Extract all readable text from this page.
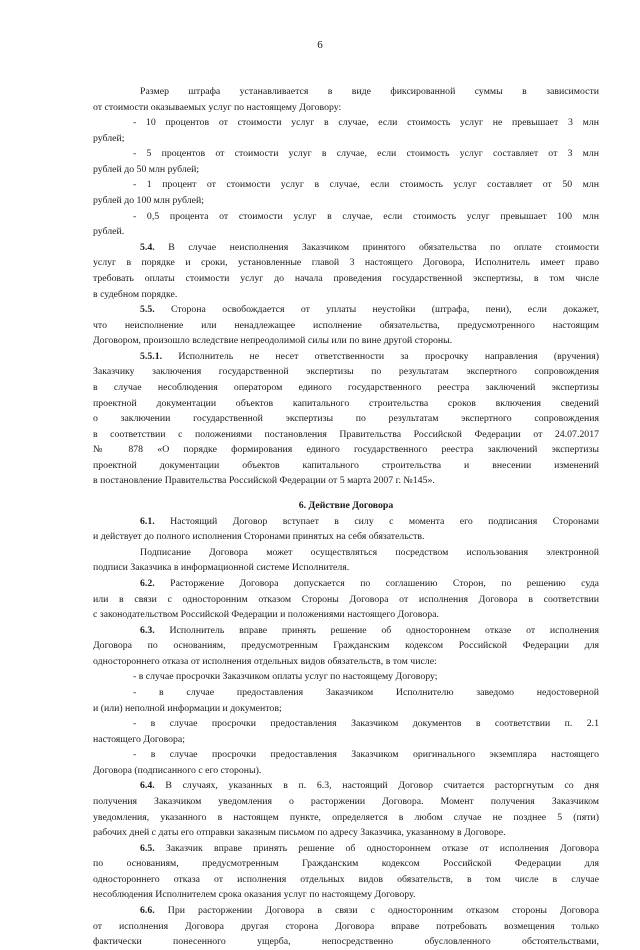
6
Размер штрафа устанавливается в виде фиксированной суммы в зависимости
от стоимости оказываемых услуг по настоящему Договору:
- 10 процентов от стоимости услуг в случае, если стоимость услуг не превышает 3 млн
рублей;
- 5 процентов от стоимости услуг в случае, если стоимость услуг составляет от 3 млн
рублей до 50 млн рублей;
- 1 процент от стоимости услуг в случае, если стоимость услуг составляет от 50 млн
рублей до 100 млн рублей;
- 0,5 процента от стоимости услуг в случае, если стоимость услуг превышает 100 млн
рублей.
5.4. В случае неисполнения Заказчиком принятого обязательства по оплате стоимости
услуг в порядке и сроки, установленные главой 3 настоящего Договора, Исполнитель имеет право
требовать оплаты стоимости услуг до начала проведения государственной экспертизы, в том числе
в судебном порядке.
5.5. Сторона освобождается от уплаты неустойки (штрафа, пени), если докажет,
что неисполнение или ненадлежащее исполнение обязательства, предусмотренного настоящим
Договором, произошло вследствие непреодолимой силы или по вине другой стороны.
5.5.1. Исполнитель не несет ответственности за просрочку направления (вручения)
Заказчику заключения государственной экспертизы по результатам экспертного сопровождения
в случае несоблюдения оператором единого государственного реестра заключений экспертизы
проектной документации объектов капитального строительства сроков включения сведений
о заключении государственной экспертизы по результатам экспертного сопровождения
в соответствии с положениями постановления Правительства Российской Федерации от 24.07.2017
№ 878 «О порядке формирования единого государственного реестра заключений экспертизы
проектной документации объектов капитального строительства и внесении изменений
в постановление Правительства Российской Федерации от 5 марта 2007 г. №145».
6. Действие Договора
6.1. Настоящий Договор вступает в силу с момента его подписания Сторонами
и действует до полного исполнения Сторонами принятых на себя обязательств.
Подписание Договора может осуществляться посредством использования электронной
подписи Заказчика в информационной системе Исполнителя.
6.2. Расторжение Договора допускается по соглашению Сторон, по решению суда
или в связи с односторонним отказом Стороны Договора от исполнения Договора в соответствии
с законодательством Российской Федерации и положениями настоящего Договора.
6.3. Исполнитель вправе принять решение об одностороннем отказе от исполнения
Договора по основаниям, предусмотренным Гражданским кодексом Российской Федерации для
одностороннего отказа от исполнения отдельных видов обязательств, в том числе:
- в случае просрочки Заказчиком оплаты услуг по настоящему Договору;
- в случае предоставления Заказчиком Исполнителю заведомо недостоверной
и (или) неполной информации и документов;
- в случае просрочки предоставления Заказчиком документов в соответствии п. 2.1
настоящего Договора;
- в случае просрочки предоставления Заказчиком оригинального экземпляра настоящего
Договора (подписанного с его стороны).
6.4. В случаях, указанных в п. 6.3, настоящий Договор считается расторгнутым со дня
получения Заказчиком уведомления о расторжении Договора. Момент получения Заказчиком
уведомления, указанного в настоящем пункте, определяется в любом случае не позднее 5 (пяти)
рабочих дней с даты его отправки заказным письмом по адресу Заказчика, указанному в Договоре.
6.5. Заказчик вправе принять решение об одностороннем отказе от исполнения Договора
по основаниям, предусмотренным Гражданским кодексом Российской Федерации для
одностороннего отказа от исполнения отдельных видов обязательств, в том числе в случае
несоблюдения Исполнителем срока оказания услуг по настоящему Договору.
6.6. При расторжении Договора в связи с односторонним отказом стороны Договора
от исполнения Договора другая сторона Договора вправе потребовать возмещения только
фактически понесенного ущерба, непосредственно обусловленного обстоятельствами,
